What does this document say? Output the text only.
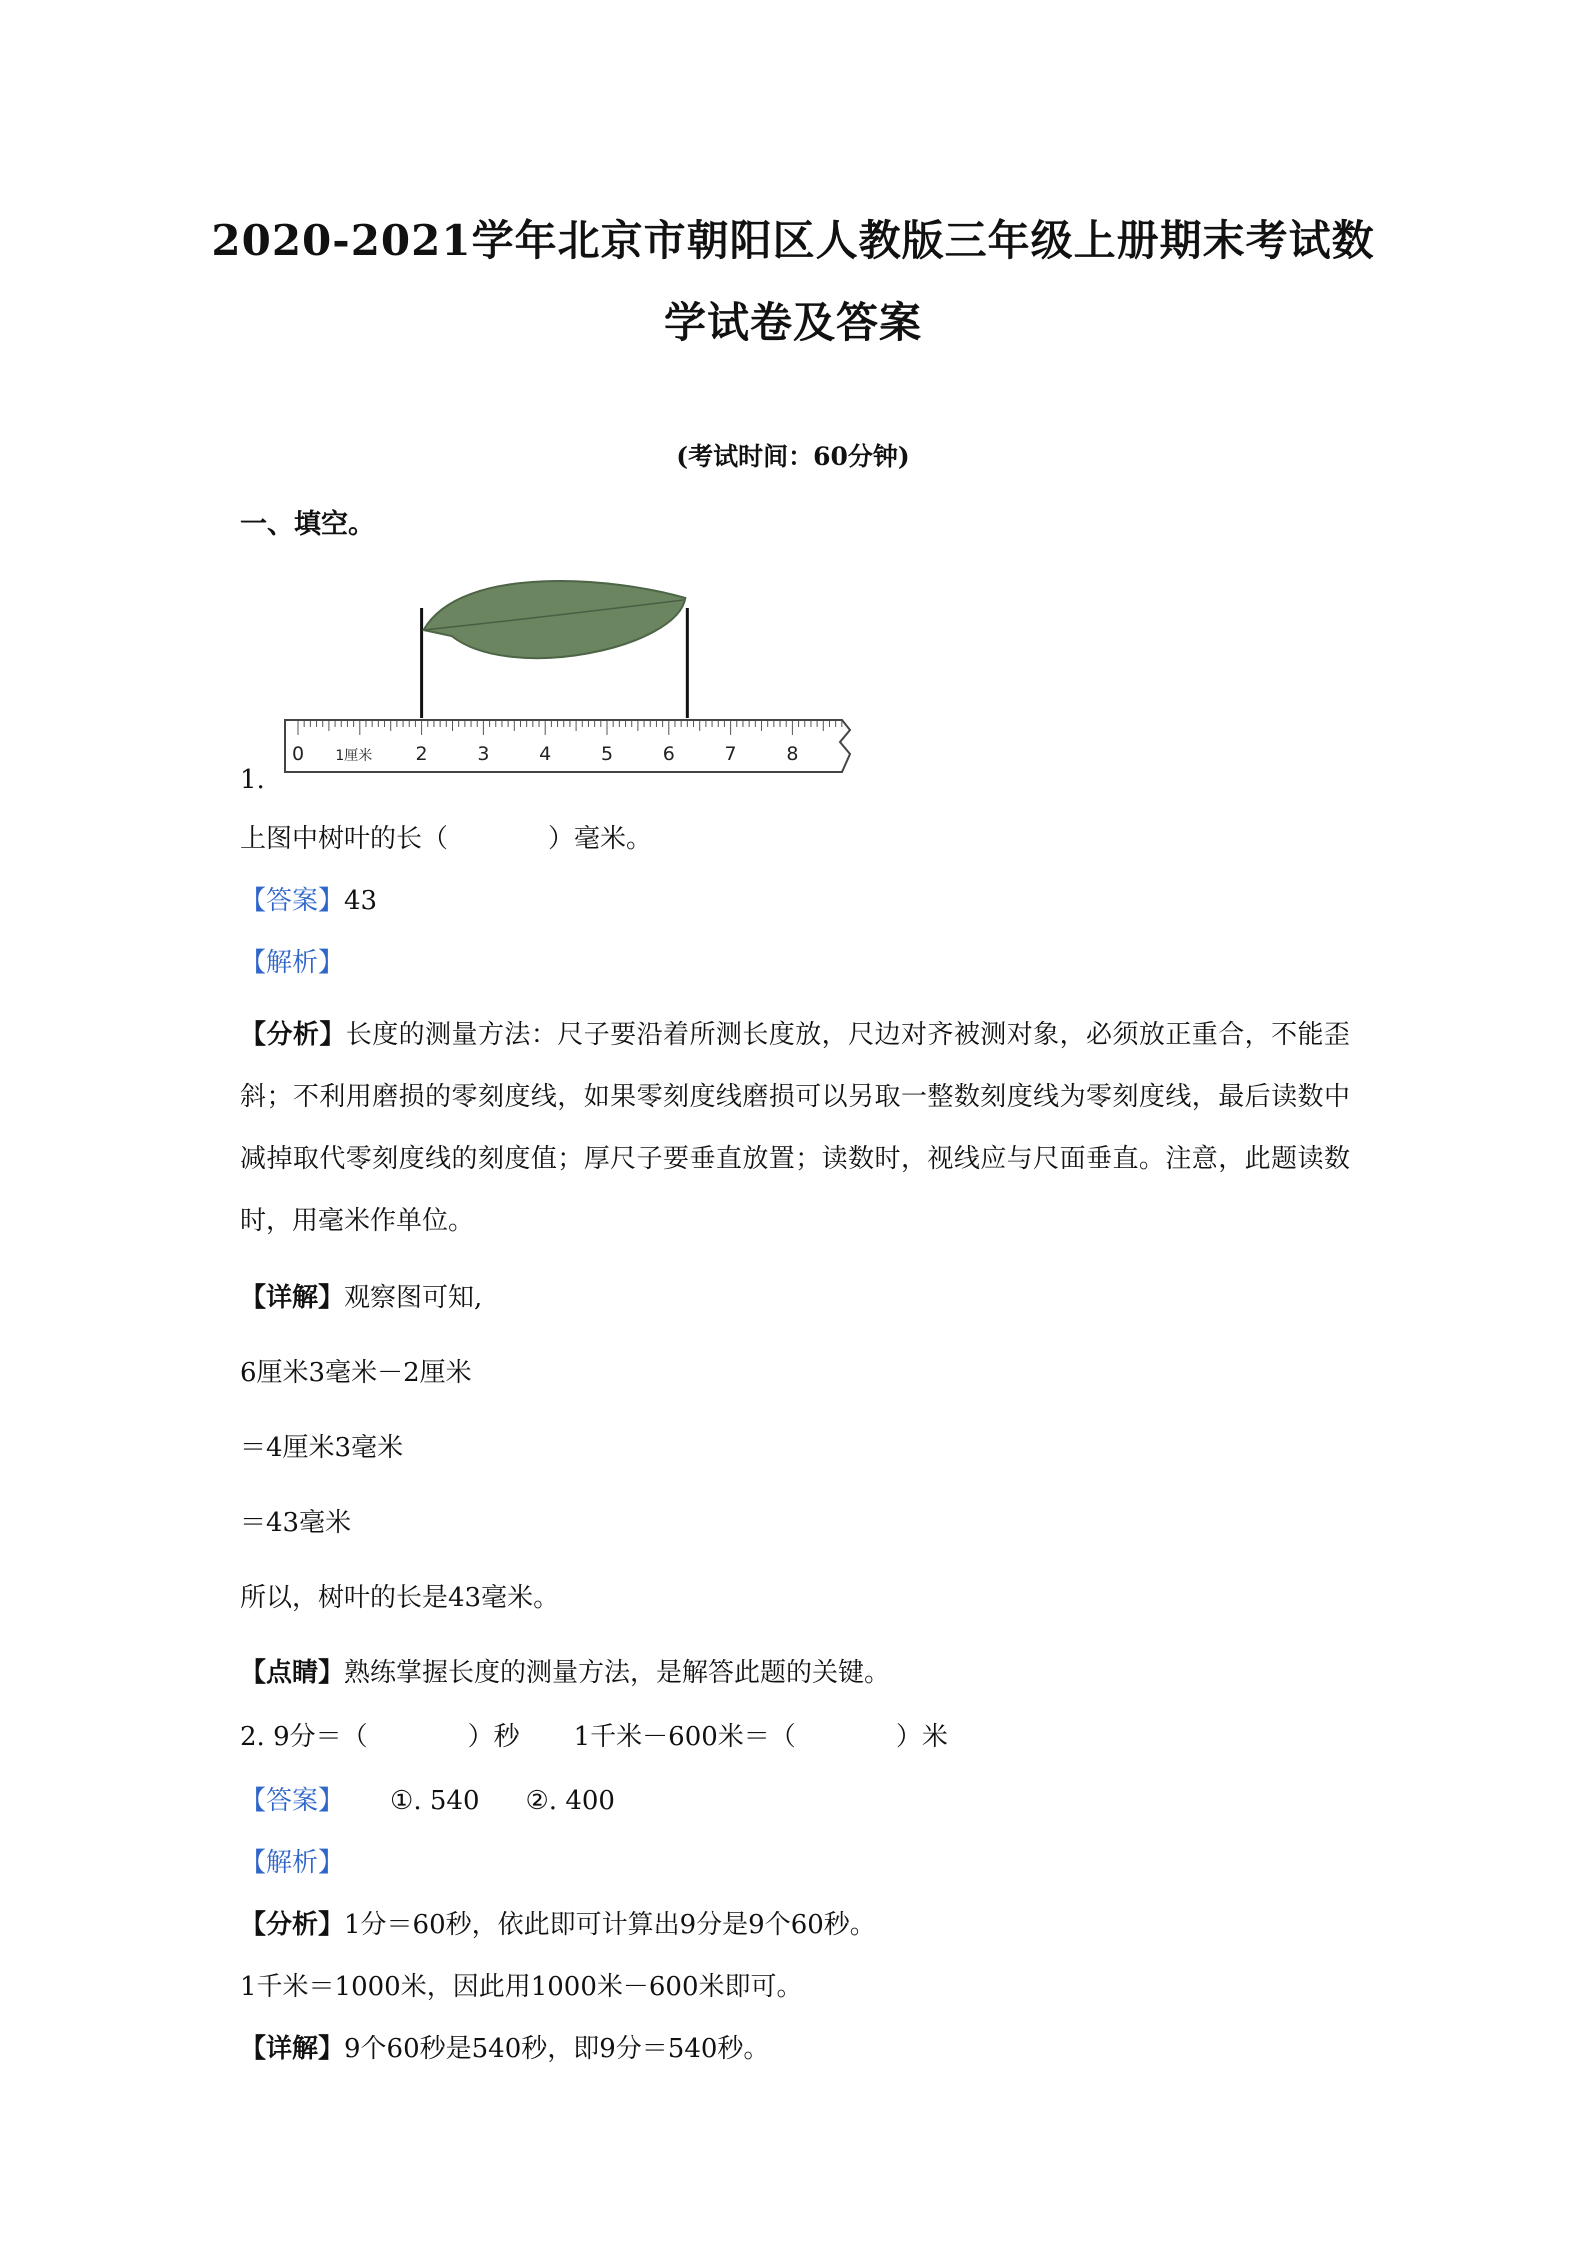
2020-2021学年北京市朝阳区人教版三年级上册期末考试数
学试卷及答案
(考试时间：60分钟)
一、填空。
0 1厘米 2	3	4	5	6	7	8
1.
上图中树叶的长（	）毫米。
【答案】43
【解析】
【分析】长度的测量方法：尺子要沿着所测长度放，尺边对齐被测对象，必须放正重合，不能歪斜；不利用磨损的零刻度线，如果零刻度线磨损可以另取一整数刻度线为零刻度线，最后读数中减掉取代零刻度线的刻度值；厚尺子要垂直放置；读数时，视线应与尺面垂直。注意，此题读数时，用毫米作单位。
【详解】观察图可知,
6厘米3毫米－2厘米
＝4厘米3毫米
＝43毫米
所以，树叶的长是43毫米。
【点睛】熟练掌握长度的测量方法，是解答此题的关键。
2. 9分＝（	）秒 1千米－600米＝（	）米
【答案】 ①. 540 ②. 400
【解析】
【分析】1分＝60秒，依此即可计算出9分是9个60秒。
1千米＝1000米，因此用1000米－600米即可。
【详解】9个60秒是540秒，即9分＝540秒。
